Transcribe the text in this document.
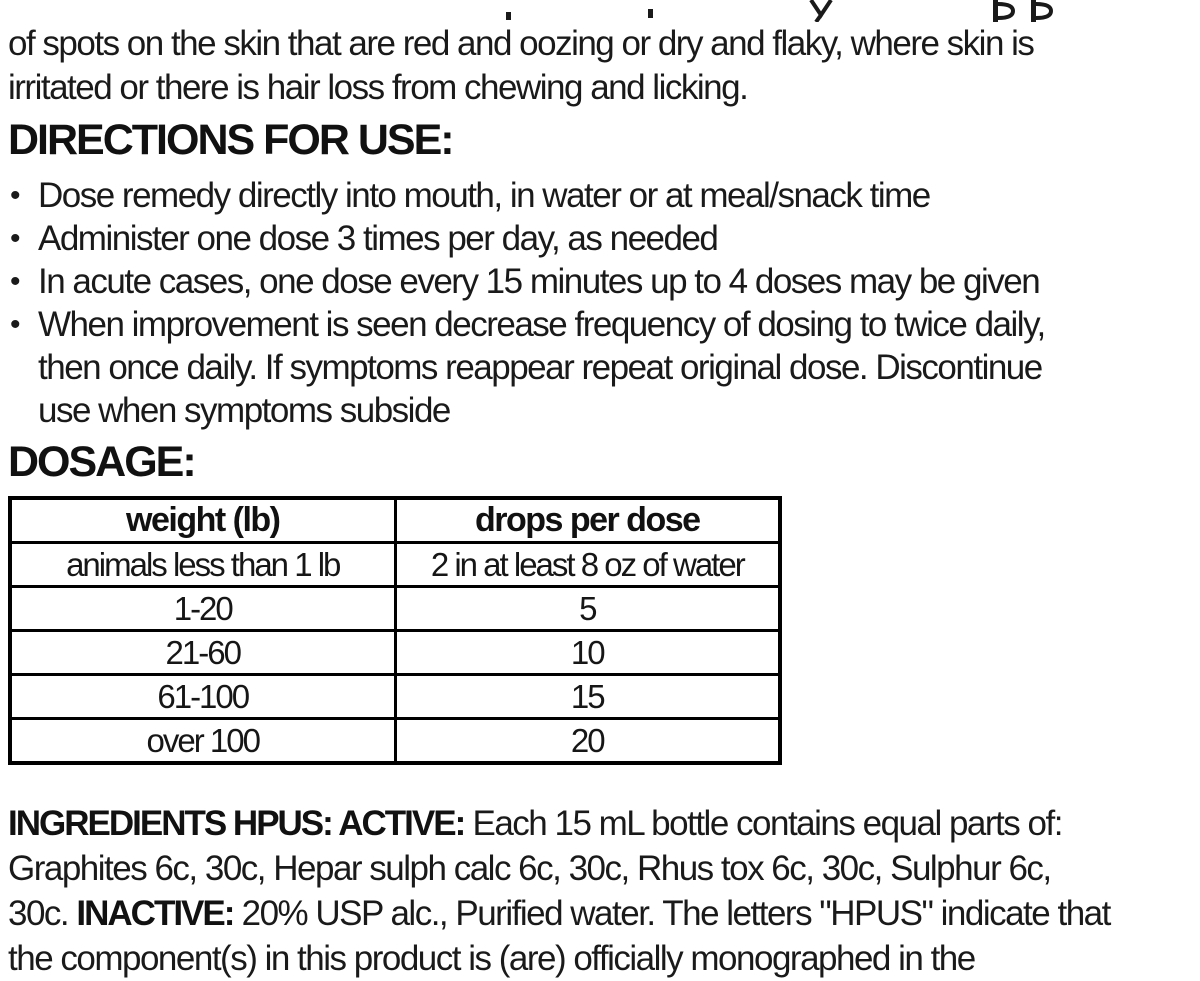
of spots on the skin that are red and oozing or dry and flaky, where skin is
irritated or there is hair loss from chewing and licking.
DIRECTIONS FOR USE:
• Dose remedy directly into mouth, in water or at meal/snack time
• Administer one dose 3 times per day, as needed
• In acute cases, one dose every 15 minutes up to 4 doses may be given
• When improvement is seen decrease frequency of dosing to twice daily,
then once daily. If symptoms reappear repeat original dose. Discontinue
use when symptoms subside
DOSAGE:
weight (lb)	drops per dose
animals less than 1 lb	2 in at least 8 oz of water
1-20	5
21-60	10
61-100	15
over 100	20
INGREDIENTS HPUS: ACTIVE: Each 15 mL bottle contains equal parts of:
Graphites 6c, 30c, Hepar sulph calc 6c, 30c, Rhus tox 6c, 30c, Sulphur 6c,
30c. INACTIVE: 20% USP alc., Purified water. The letters "HPUS" indicate that
the component(s) in this product is (are) officially monographed in the
